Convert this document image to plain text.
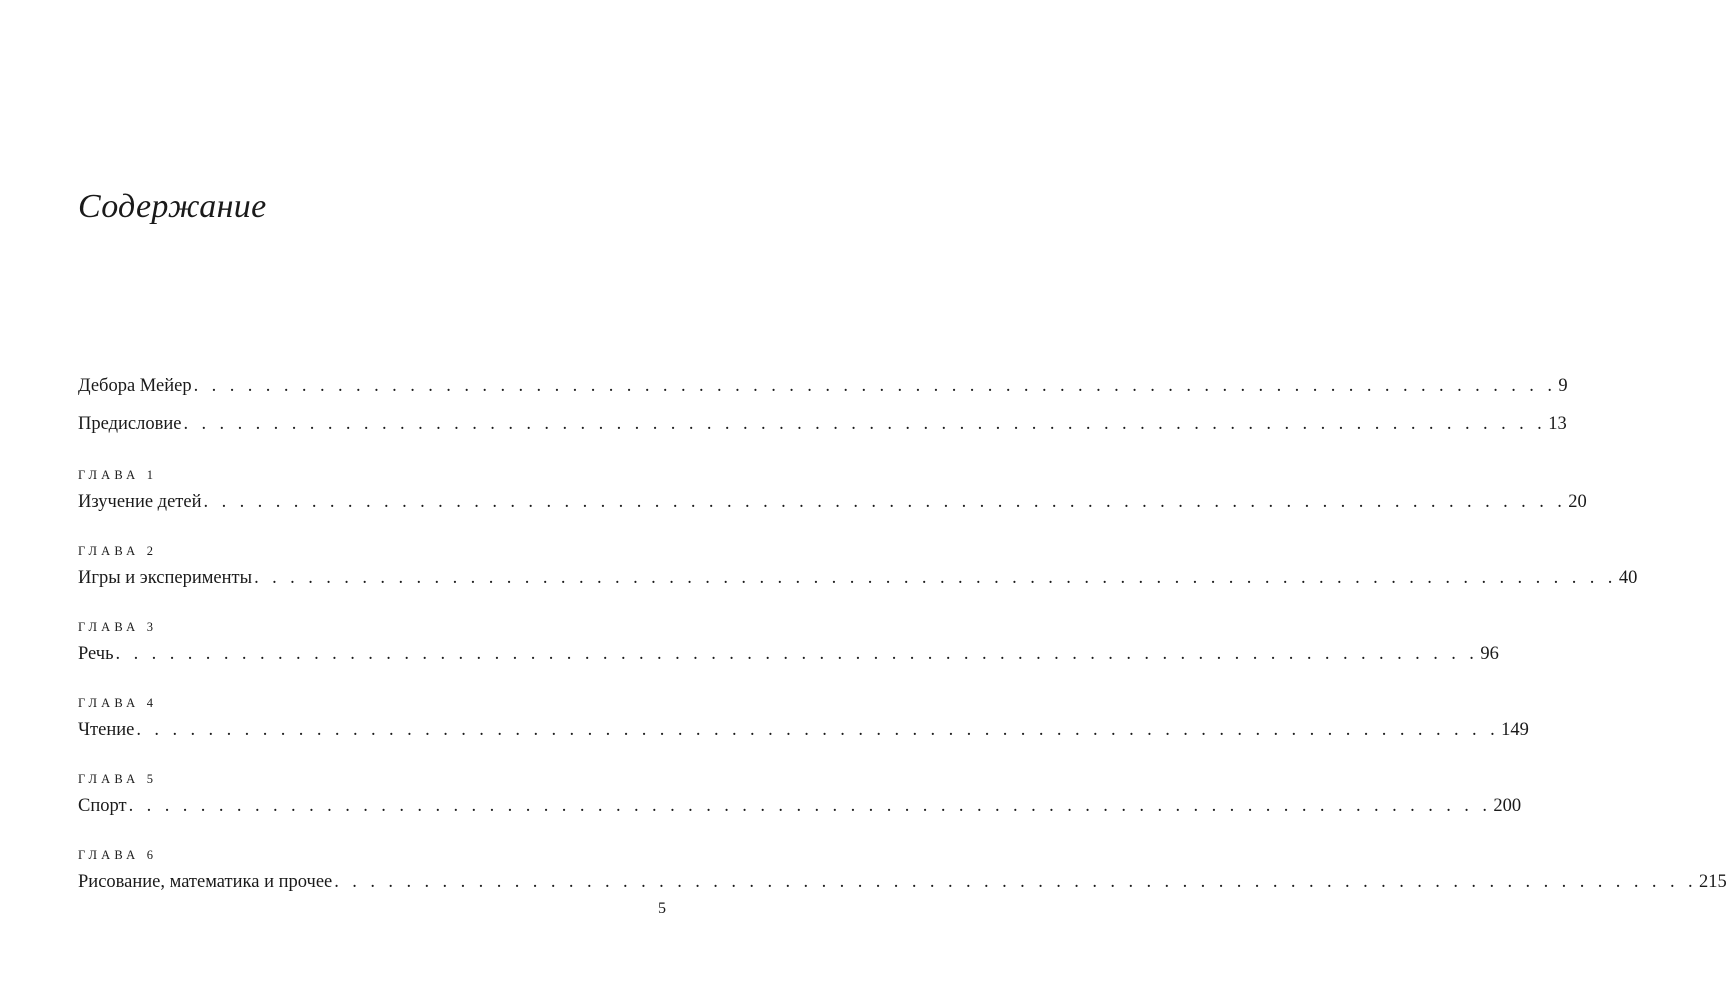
Содержание
Дебора Мейер . . . . . . . . . . . . . . . . . . . . . . . . . . . . . . . . . . . . . . . . . . . . . . . . . . . . . . . . . . . . . . . . . . . . . . . . . . . . 9
Предисловие . . . . . . . . . . . . . . . . . . . . . . . . . . . . . . . . . . . . . . . . . . . . . . . . . . . . . . . . . . . . . . . . . . . . . . . . . . . . 13
ГЛАВА 1
Изучение детей . . . . . . . . . . . . . . . . . . . . . . . . . . . . . . . . . . . . . . . . . . . . . . . . . . . . . . . . . . . . . . . . . . . . . . . . . . . . 20
ГЛАВА 2
Игры и эксперименты . . . . . . . . . . . . . . . . . . . . . . . . . . . . . . . . . . . . . . . . . . . . . . . . . . . . . . . . . . . . . . . . . . . . . . . . . . . . 40
ГЛАВА 3
Речь . . . . . . . . . . . . . . . . . . . . . . . . . . . . . . . . . . . . . . . . . . . . . . . . . . . . . . . . . . . . . . . . . . . . . . . . . . . . 96
ГЛАВА 4
Чтение . . . . . . . . . . . . . . . . . . . . . . . . . . . . . . . . . . . . . . . . . . . . . . . . . . . . . . . . . . . . . . . . . . . . . . . . . . . . 149
ГЛАВА 5
Спорт . . . . . . . . . . . . . . . . . . . . . . . . . . . . . . . . . . . . . . . . . . . . . . . . . . . . . . . . . . . . . . . . . . . . . . . . . . . . 200
ГЛАВА 6
Рисование, математика и прочее . . . . . . . . . . . . . . . . . . . . . . . . . . . . . . . . . . . . . . . . . . . . . . . . . . . . . . . . . . . . . . . . . . . . . . . . . . . . 215
5
